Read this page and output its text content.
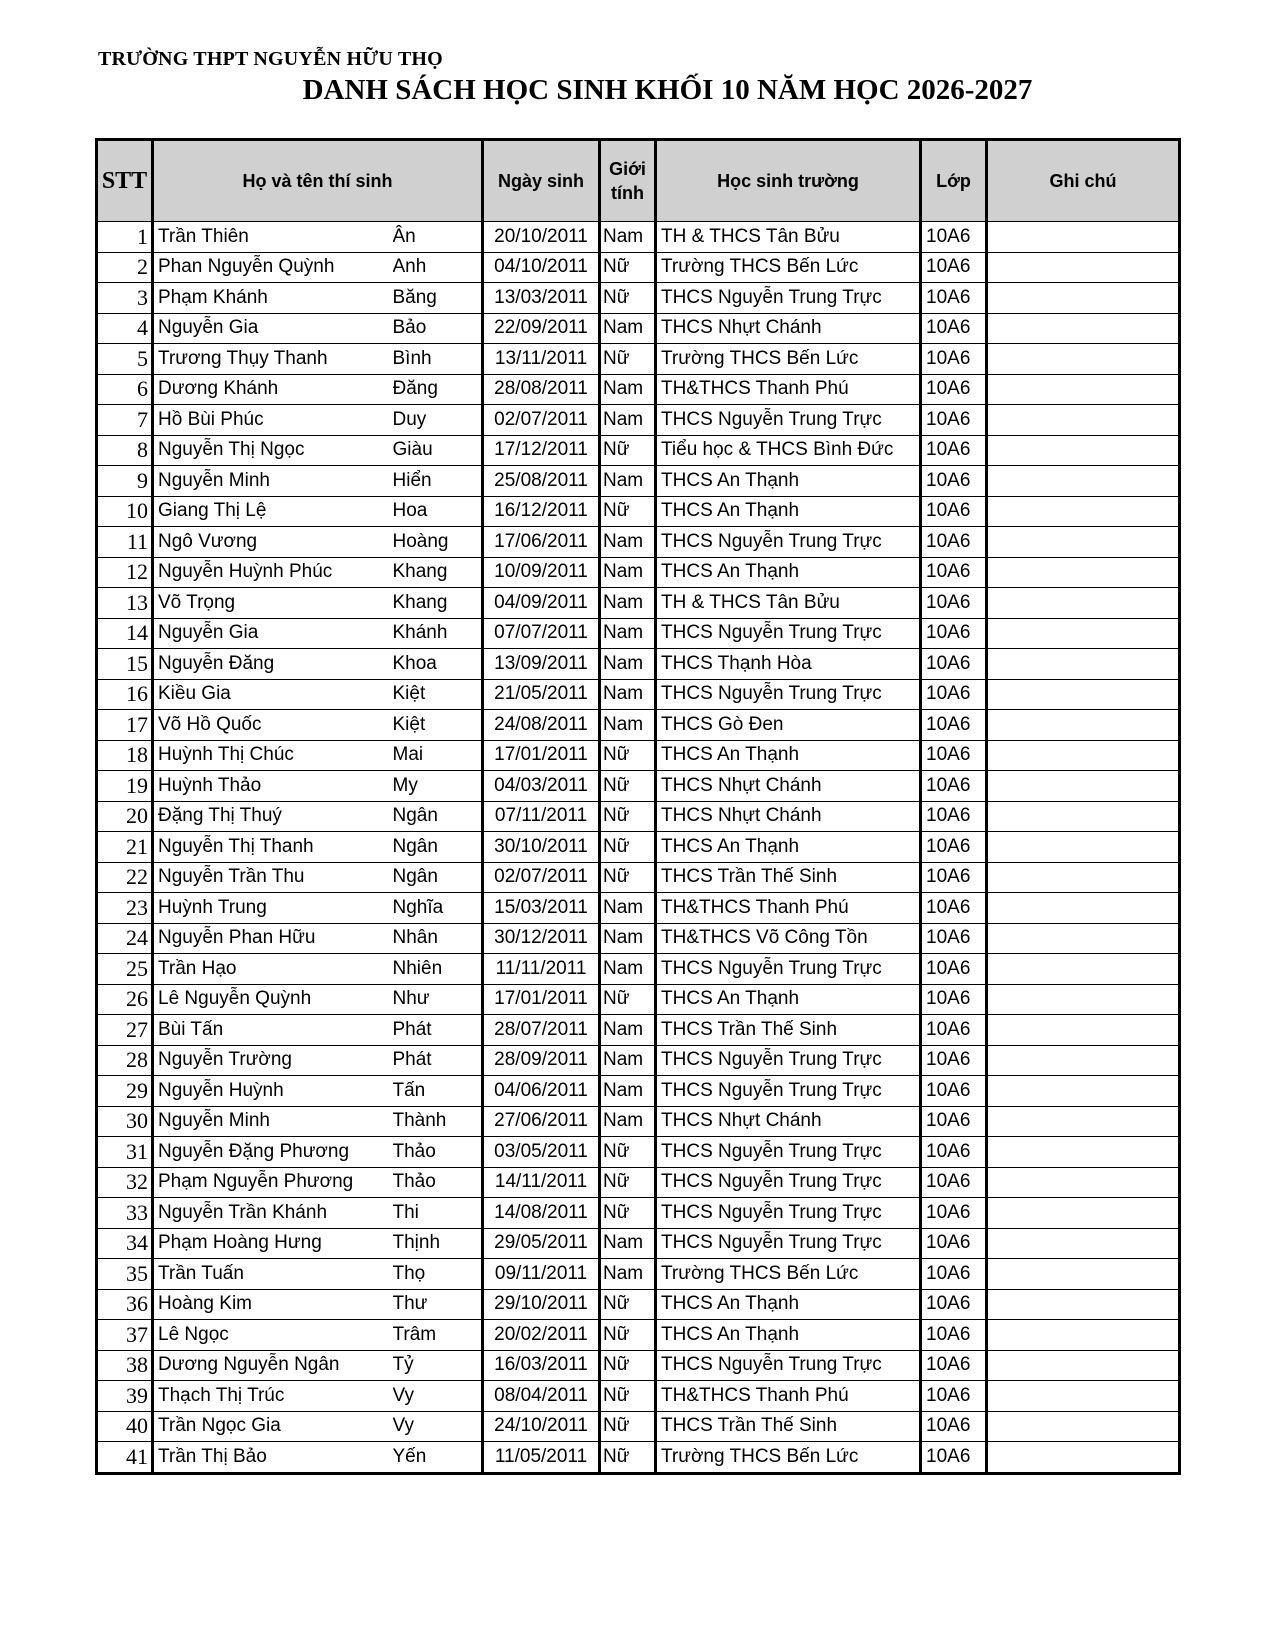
TRƯỜNG THPT NGUYỄN HỮU THỌ
DANH SÁCH HỌC SINH KHỐI 10 NĂM HỌC 2026-2027
STT	Họ và tên thí sinh		Ngày sinh	Giới
tính	Học sinh trường	Lớp	Ghi chú
1	Trần Thiên	Ân	20/10/2011	Nam	TH & THCS Tân Bửu	10A6	
2	Phan Nguyễn Quỳnh	Anh	04/10/2011	Nữ	Trường THCS Bến Lức	10A6	
3	Phạm Khánh	Băng	13/03/2011	Nữ	THCS Nguyễn Trung Trực	10A6	
4	Nguyễn Gia	Bảo	22/09/2011	Nam	THCS Nhựt Chánh	10A6	
5	Trương Thụy Thanh	Bình	13/11/2011	Nữ	Trường THCS Bến Lức	10A6	
6	Dương Khánh	Đăng	28/08/2011	Nam	TH&THCS Thanh Phú	10A6	
7	Hồ Bùi Phúc	Duy	02/07/2011	Nam	THCS Nguyễn Trung Trực	10A6	
8	Nguyễn Thị Ngọc	Giàu	17/12/2011	Nữ	Tiểu học & THCS Bình Đức	10A6	
9	Nguyễn Minh	Hiển	25/08/2011	Nam	THCS An Thạnh	10A6	
10	Giang Thị Lệ	Hoa	16/12/2011	Nữ	THCS An Thạnh	10A6	
11	Ngô Vương	Hoàng	17/06/2011	Nam	THCS Nguyễn Trung Trực	10A6	
12	Nguyễn Huỳnh Phúc	Khang	10/09/2011	Nam	THCS An Thạnh	10A6	
13	Võ Trọng	Khang	04/09/2011	Nam	TH & THCS Tân Bửu	10A6	
14	Nguyễn Gia	Khánh	07/07/2011	Nam	THCS Nguyễn Trung Trực	10A6	
15	Nguyễn Đăng	Khoa	13/09/2011	Nam	THCS Thạnh Hòa	10A6	
16	Kiều Gia	Kiệt	21/05/2011	Nam	THCS Nguyễn Trung Trực	10A6	
17	Võ Hồ Quốc	Kiệt	24/08/2011	Nam	THCS Gò Đen	10A6	
18	Huỳnh Thị Chúc	Mai	17/01/2011	Nữ	THCS An Thạnh	10A6	
19	Huỳnh Thảo	My	04/03/2011	Nữ	THCS Nhựt Chánh	10A6	
20	Đặng Thị Thuý	Ngân	07/11/2011	Nữ	THCS Nhựt Chánh	10A6	
21	Nguyễn Thị Thanh	Ngân	30/10/2011	Nữ	THCS An Thạnh	10A6	
22	Nguyễn Trần Thu	Ngân	02/07/2011	Nữ	THCS Trần Thế Sinh	10A6	
23	Huỳnh Trung	Nghĩa	15/03/2011	Nam	TH&THCS Thanh Phú	10A6	
24	Nguyễn Phan Hữu	Nhân	30/12/2011	Nam	TH&THCS Võ Công Tồn	10A6	
25	Trần Hạo	Nhiên	11/11/2011	Nam	THCS Nguyễn Trung Trực	10A6	
26	Lê Nguyễn Quỳnh	Như	17/01/2011	Nữ	THCS An Thạnh	10A6	
27	Bùi Tấn	Phát	28/07/2011	Nam	THCS Trần Thế Sinh	10A6	
28	Nguyễn Trường	Phát	28/09/2011	Nam	THCS Nguyễn Trung Trực	10A6	
29	Nguyễn Huỳnh	Tấn	04/06/2011	Nam	THCS Nguyễn Trung Trực	10A6	
30	Nguyễn Minh	Thành	27/06/2011	Nam	THCS Nhựt Chánh	10A6	
31	Nguyễn Đặng Phương	Thảo	03/05/2011	Nữ	THCS Nguyễn Trung Trực	10A6	
32	Phạm Nguyễn Phương	Thảo	14/11/2011	Nữ	THCS Nguyễn Trung Trực	10A6	
33	Nguyễn Trần Khánh	Thi	14/08/2011	Nữ	THCS Nguyễn Trung Trực	10A6	
34	Phạm Hoàng Hưng	Thịnh	29/05/2011	Nam	THCS Nguyễn Trung Trực	10A6	
35	Trần Tuấn	Thọ	09/11/2011	Nam	Trường THCS Bến Lức	10A6	
36	Hoàng Kim	Thư	29/10/2011	Nữ	THCS An Thạnh	10A6	
37	Lê Ngọc	Trâm	20/02/2011	Nữ	THCS An Thạnh	10A6	
38	Dương Nguyễn Ngân	Tỷ	16/03/2011	Nữ	THCS Nguyễn Trung Trực	10A6	
39	Thạch Thị Trúc	Vy	08/04/2011	Nữ	TH&THCS Thanh Phú	10A6	
40	Trần Ngọc Gia	Vy	24/10/2011	Nữ	THCS Trần Thế Sinh	10A6	
41	Trần Thị Bảo	Yến	11/05/2011	Nữ	Trường THCS Bến Lức	10A6	
